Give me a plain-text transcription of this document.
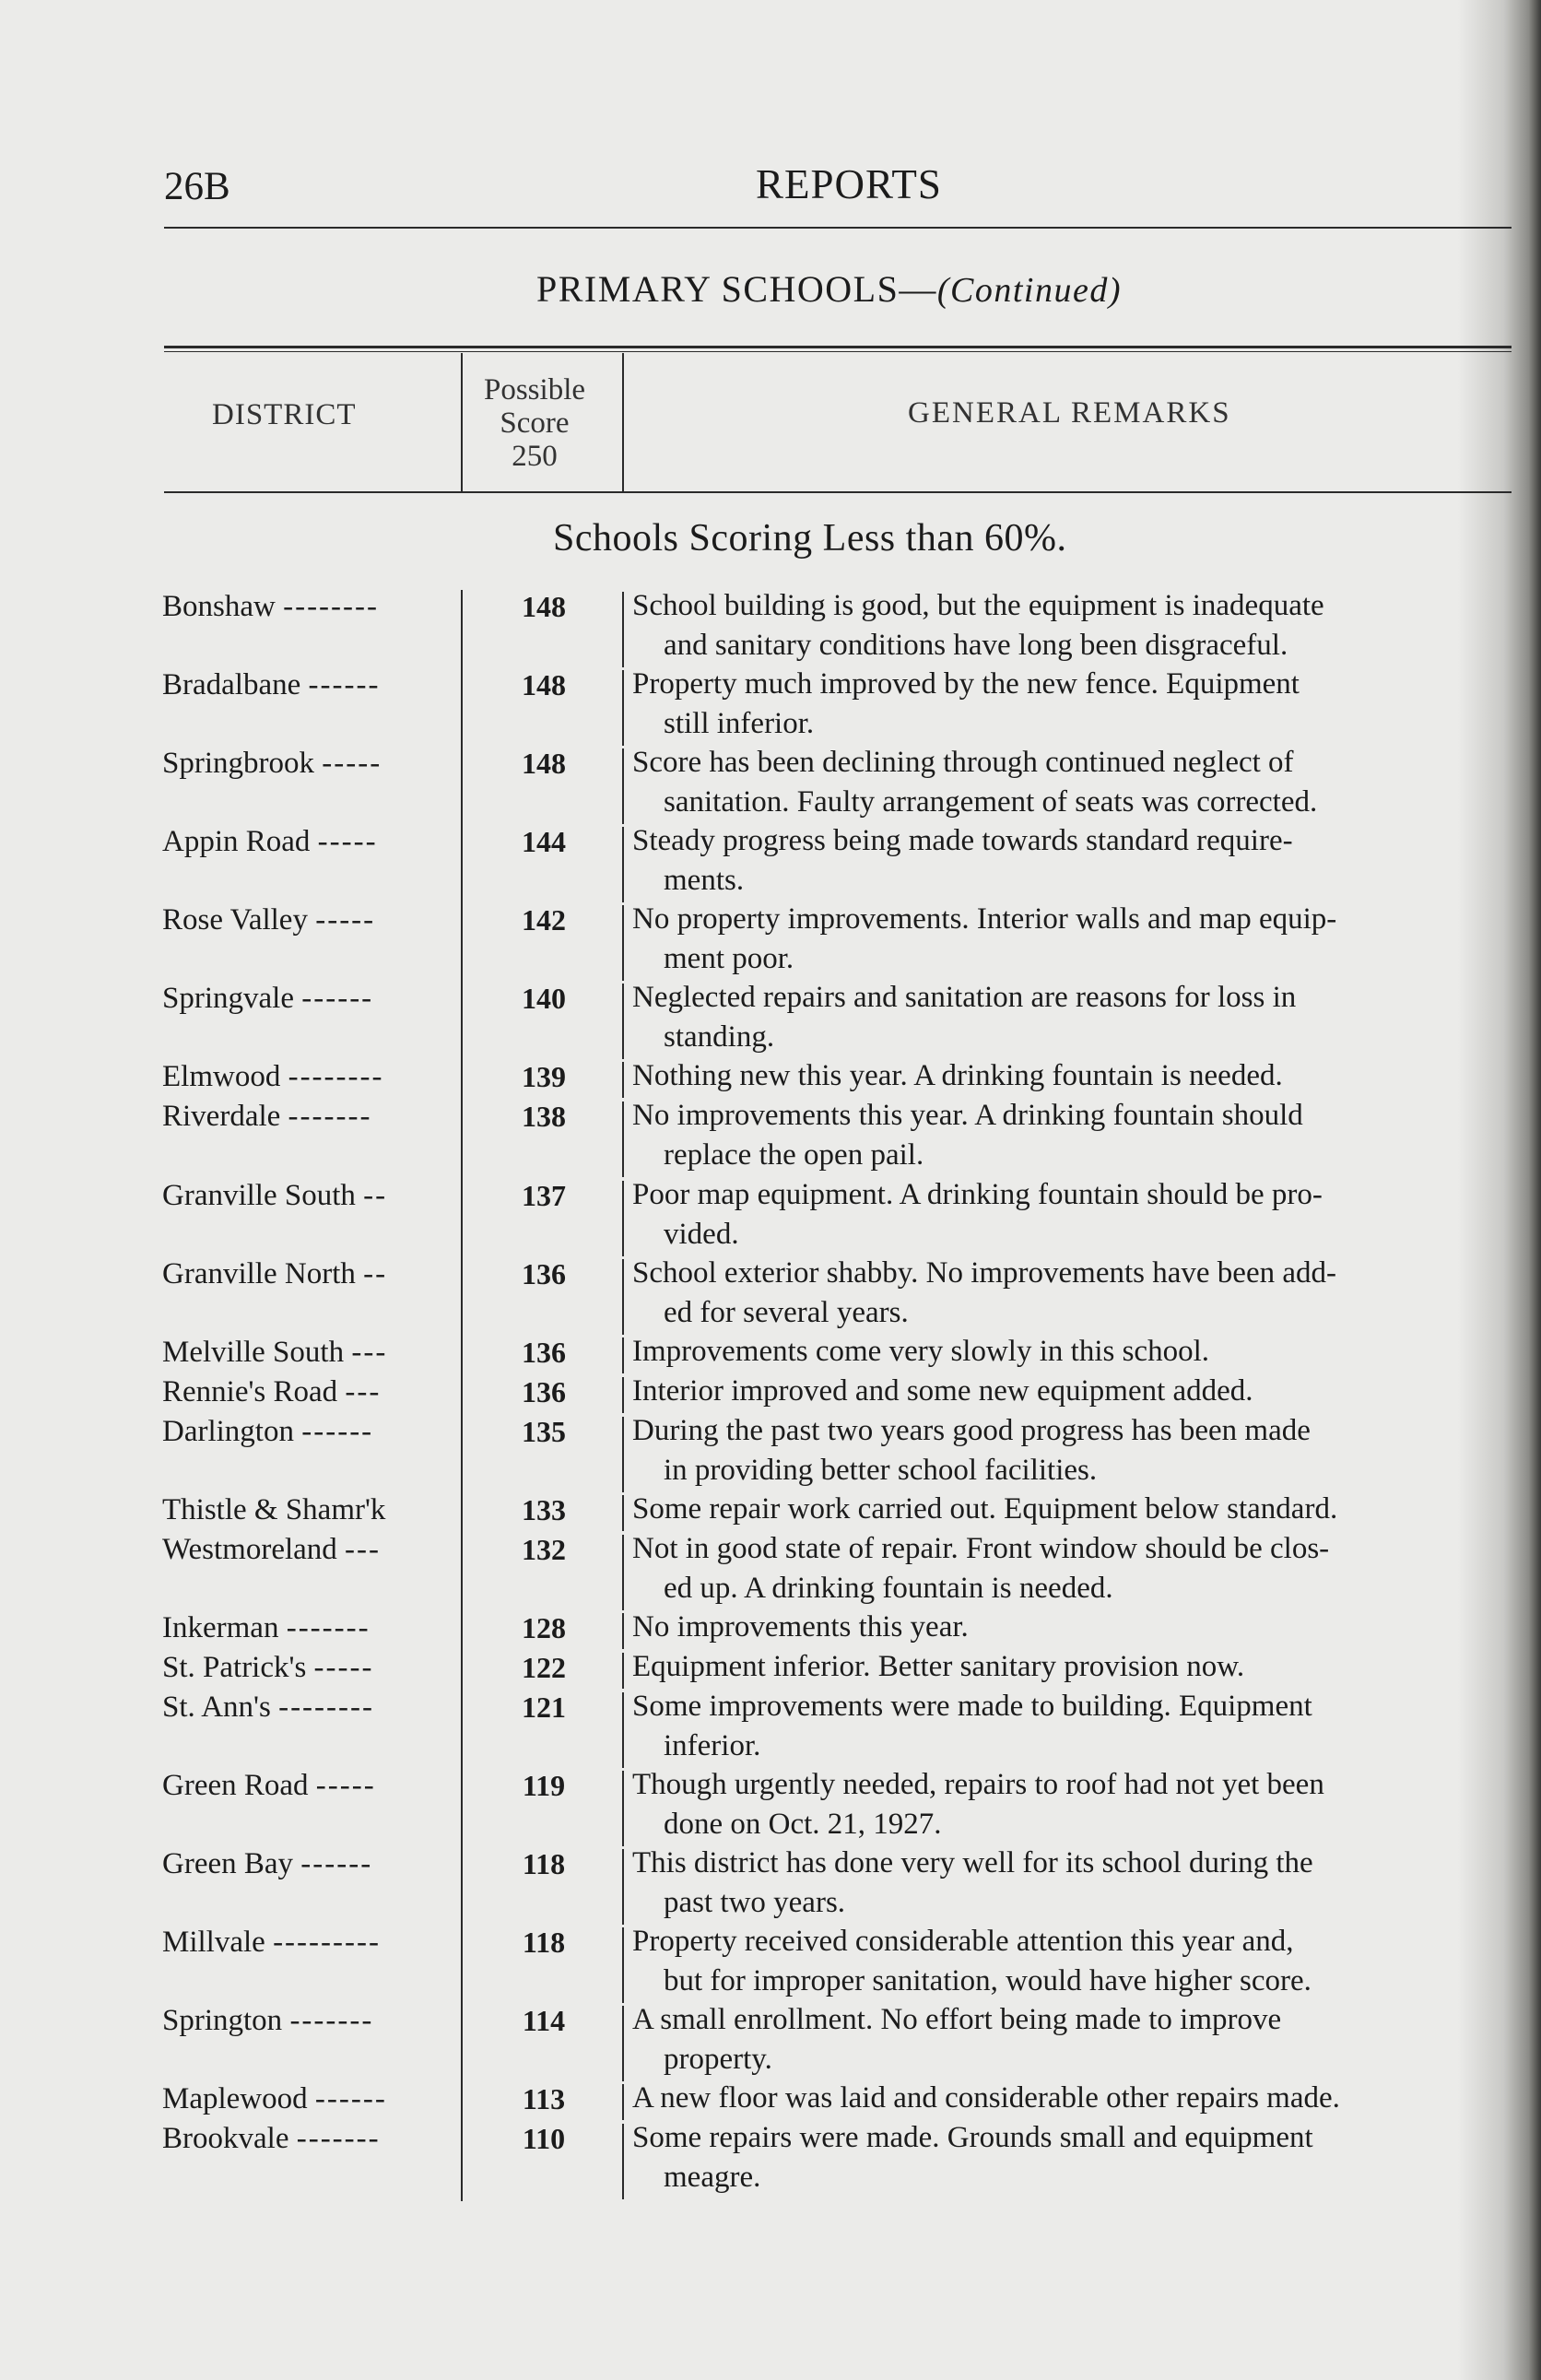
26B	REPORTS
PRIMARY SCHOOLS—(Continued)
DISTRICT
Possible
Score
250
GENERAL REMARKS
Schools Scoring Less than 60%.
Bonshaw --------	148	School building is good, but the equipment is inadequate
and sanitary conditions have long been disgraceful.
Bradalbane ------	148	Property much improved by the new fence. Equipment
still inferior.
Springbrook -----	148	Score has been declining through continued neglect of
sanitation. Faulty arrangement of seats was corrected.
Appin Road -----	144	Steady progress being made towards standard require-
ments.
Rose Valley -----	142	No property improvements. Interior walls and map equip-
ment poor.
Springvale ------	140	Neglected repairs and sanitation are reasons for loss in
standing.
Elmwood --------	139	Nothing new this year. A drinking fountain is needed.
Riverdale -------	138	No improvements this year. A drinking fountain should
replace the open pail.
Granville South --	137	Poor map equipment. A drinking fountain should be pro-
vided.
Granville North --	136	School exterior shabby. No improvements have been add-
ed for several years.
Melville South ---	136	Improvements come very slowly in this school.
Rennie's Road ---	136	Interior improved and some new equipment added.
Darlington ------	135	During the past two years good progress has been made
in providing better school facilities.
Thistle & Shamr'k	133	Some repair work carried out. Equipment below standard.
Westmoreland ---	132	Not in good state of repair. Front window should be clos-
ed up. A drinking fountain is needed.
Inkerman -------	128	No improvements this year.
St. Patrick's -----	122	Equipment inferior. Better sanitary provision now.
St. Ann's --------	121	Some improvements were made to building. Equipment
inferior.
Green Road -----	119	Though urgently needed, repairs to roof had not yet been
done on Oct. 21, 1927.
Green Bay ------	118	This district has done very well for its school during the
past two years.
Millvale ---------	118	Property received considerable attention this year and,
but for improper sanitation, would have higher score.
Springton -------	114	A small enrollment. No effort being made to improve
property.
Maplewood ------	113	A new floor was laid and considerable other repairs made.
Brookvale -------	110	Some repairs were made. Grounds small and equipment
meagre.
